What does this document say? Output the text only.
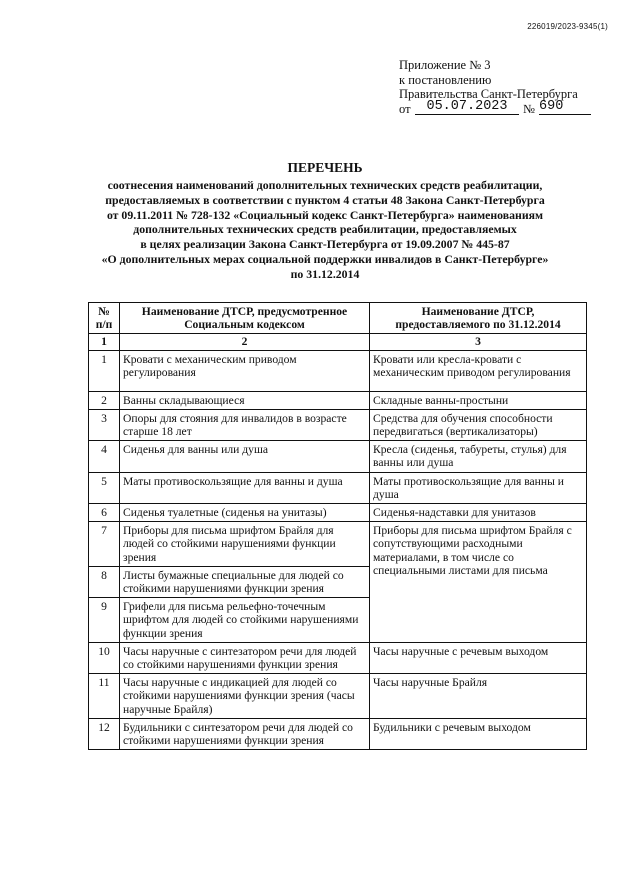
226019/2023-9345(1)
Приложение № 3
к постановлению
Правительства Санкт-Петербурга
от	05.07.2023	№ 690
ПЕРЕЧЕНЬ
соотнесения наименований дополнительных технических средств реабилитации,
предоставляемых в соответствии с пунктом 4 статьи 48 Закона Санкт-Петербурга
от 09.11.2011 № 728-132 «Социальный кодекс Санкт-Петербурга» наименованиям
дополнительных технических средств реабилитации, предоставляемых
в целях реализации Закона Санкт-Петербурга от 19.09.2007 № 445-87
«О дополнительных мерах социальной поддержки инвалидов в Санкт-Петербурге»
по 31.12.2014
№ п/п	Наименование ДТСР, предусмотренное Социальным кодексом	Наименование ДТСР, предоставляемого по 31.12.2014
1	2	3
1	Кровати с механическим приводом регулирования	Кровати или кресла-кровати с механическим приводом регулирования
2	Ванны складывающиеся	Складные ванны-простыни
3	Опоры для стояния для инвалидов в возрасте старше 18 лет	Средства для обучения способности передвигаться (вертикализаторы)
4	Сиденья для ванны или душа	Кресла (сиденья, табуреты, стулья) для ванны или душа
5	Маты противоскользящие для ванны и душа	Маты противоскользящие для ванны и душа
6	Сиденья туалетные (сиденья на унитазы)	Сиденья-надставки для унитазов
7	Приборы для письма шрифтом Брайля для людей со стойкими нарушениями функции зрения	Приборы для письма шрифтом Брайля с сопутствующими расходными материалами, в том числе со специальными листами для письма
8	Листы бумажные специальные для людей со стойкими нарушениями функции зрения	
9	Грифели для письма рельефно-точечным шрифтом для людей со стойкими нарушениями функции зрения	
10	Часы наручные с синтезатором речи для людей со стойкими нарушениями функции зрения	Часы наручные с речевым выходом
11	Часы наручные с индикацией для людей со стойкими нарушениями функции зрения (часы наручные Брайля)	Часы наручные Брайля
12	Будильники с синтезатором речи для людей со стойкими нарушениями функции зрения	Будильники с речевым выходом
